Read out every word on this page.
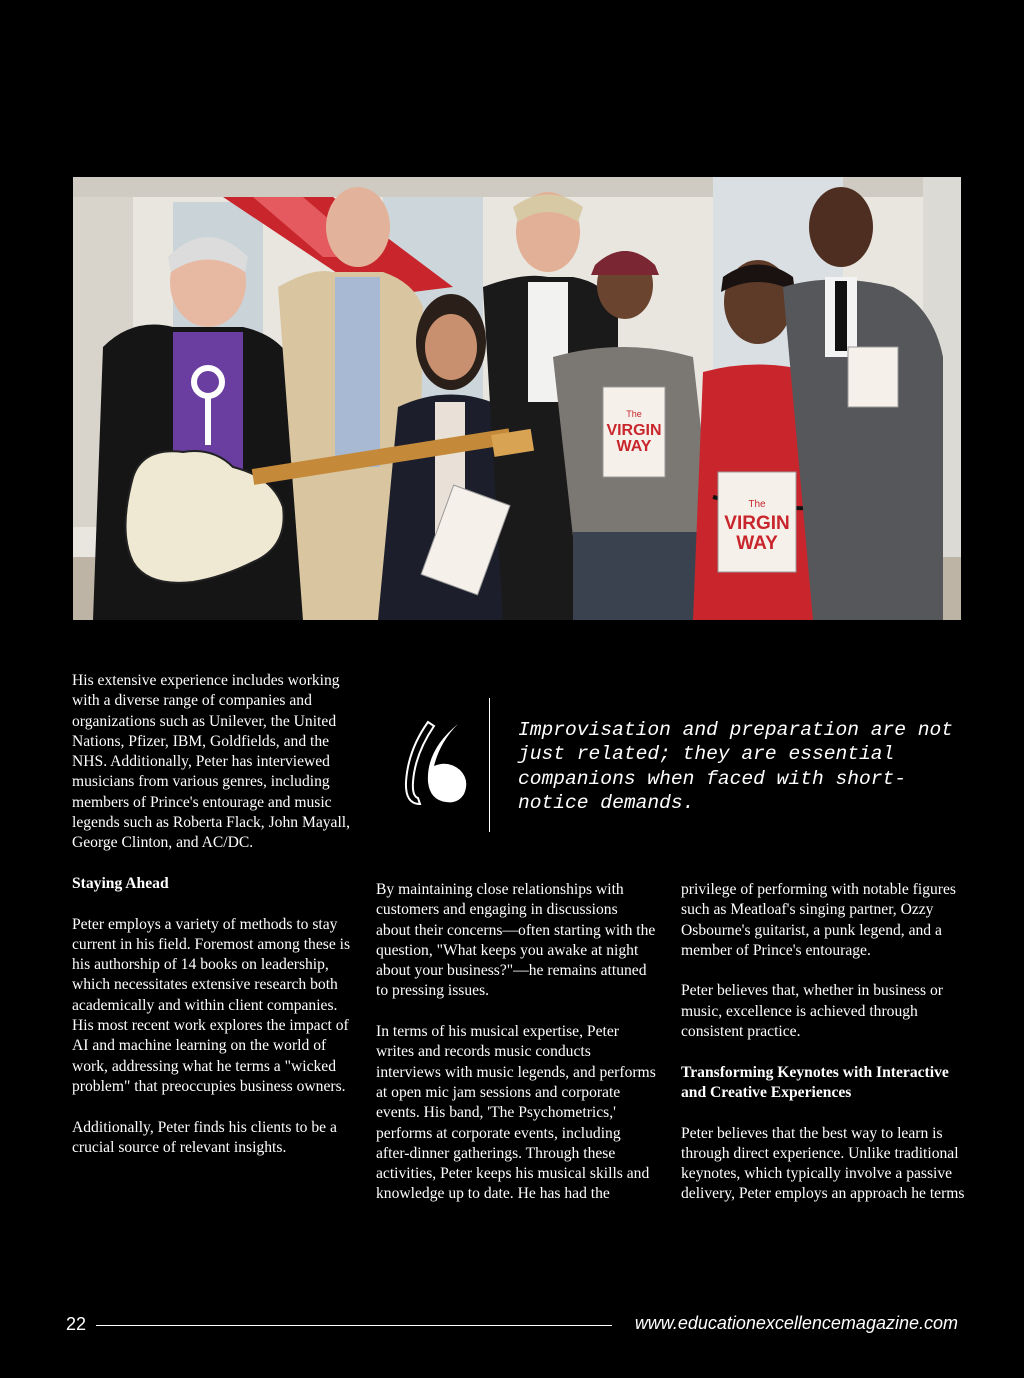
The
VIRGIN
WAY
The
VIRGIN
WAY

His extensive experience includes working with a diverse range of companies and organizations such as Unilever, the United Nations, Pfizer, IBM, Goldfields, and the NHS. Additionally, Peter has interviewed musicians from various genres, including members of Prince's entourage and music legends such as Roberta Flack, John Mayall, George Clinton, and AC/DC.

Staying Ahead

Peter employs a variety of methods to stay current in his field. Foremost among these is his authorship of 14 books on leadership, which necessitates extensive research both academically and within client companies. His most recent work explores the impact of AI and machine learning on the world of work, addressing what he terms a "wicked problem" that preoccupies business owners.

Additionally, Peter finds his clients to be a crucial source of relevant insights.

Improvisation and preparation are not just related; they are essential companions when faced with short-notice demands.

By maintaining close relationships with customers and engaging in discussions about their concerns—often starting with the question, "What keeps you awake at night about your business?"—he remains attuned to pressing issues.

In terms of his musical expertise, Peter writes and records music conducts interviews with music legends, and performs at open mic jam sessions and corporate events. His band, 'The Psychometrics,' performs at corporate events, including after-dinner gatherings. Through these activities, Peter keeps his musical skills and knowledge up to date. He has had the

privilege of performing with notable figures such as Meatloaf's singing partner, Ozzy Osbourne's guitarist, a punk legend, and a member of Prince's entourage.

Peter believes that, whether in business or music, excellence is achieved through consistent practice.

Transforming Keynotes with Interactive and Creative Experiences

Peter believes that the best way to learn is through direct experience. Unlike traditional keynotes, which typically involve a passive delivery, Peter employs an approach he terms

22	www.educationexcellencemagazine.com
